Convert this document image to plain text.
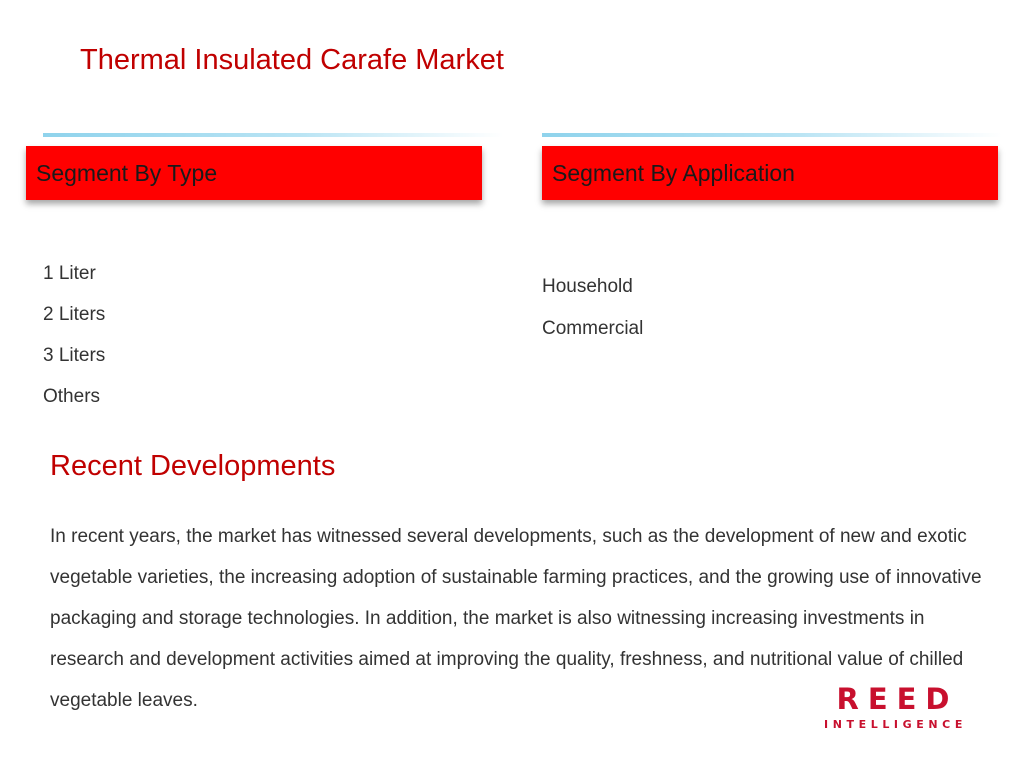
Thermal Insulated Carafe Market
Segment By Type	Segment By Application
1 Liter
2 Liters
3 Liters
Others
Household
Commercial
Recent Developments

In recent years, the market has witnessed several developments, such as the development of new and exotic vegetable varieties, the increasing adoption of sustainable farming practices, and the growing use of innovative packaging and storage technologies. In addition, the market is also witnessing increasing investments in research and development activities aimed at improving the quality, freshness, and nutritional value of chilled vegetable leaves.	REED
INTELLIGENCE
